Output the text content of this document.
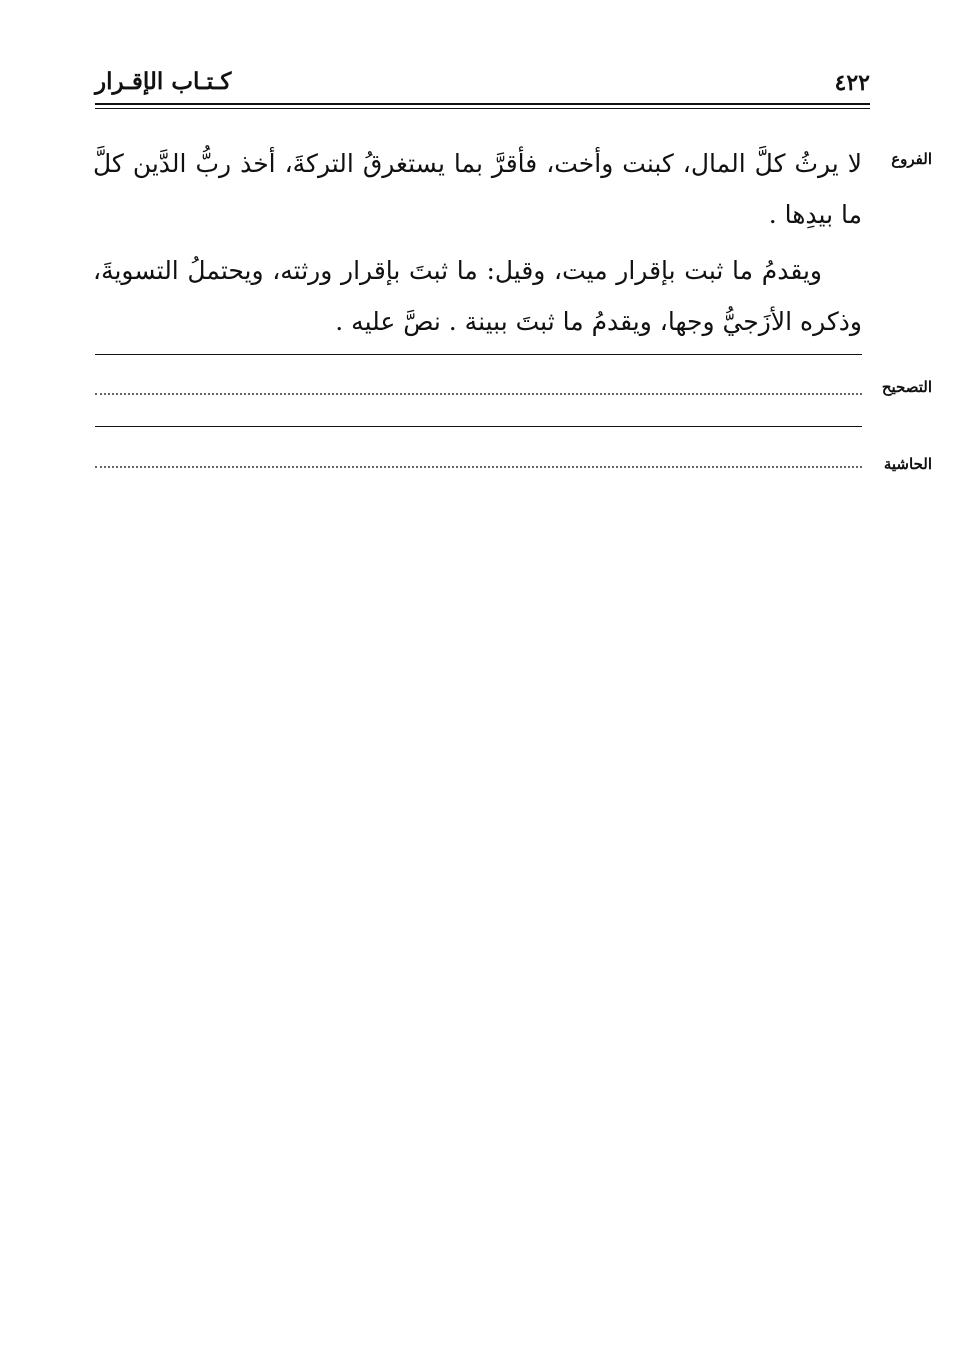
٤٢٢
كـتـاب الإقـرار
الفروع

لا يرثُ كلَّ المال، كبنت وأخت، فأقرَّ بما يستغرقُ التركةَ، أخذ ربُّ الدَّين كلَّ ما بيدِها .

ويقدمُ ما ثبت بإقرار ميت، وقيل: ما ثبتَ بإقرار ورثته، ويحتملُ التسويةَ، وذكره الأزَجيُّ وجها، ويقدمُ ما ثبتَ ببينة . نصَّ عليه .

التصحيح
الحاشية
